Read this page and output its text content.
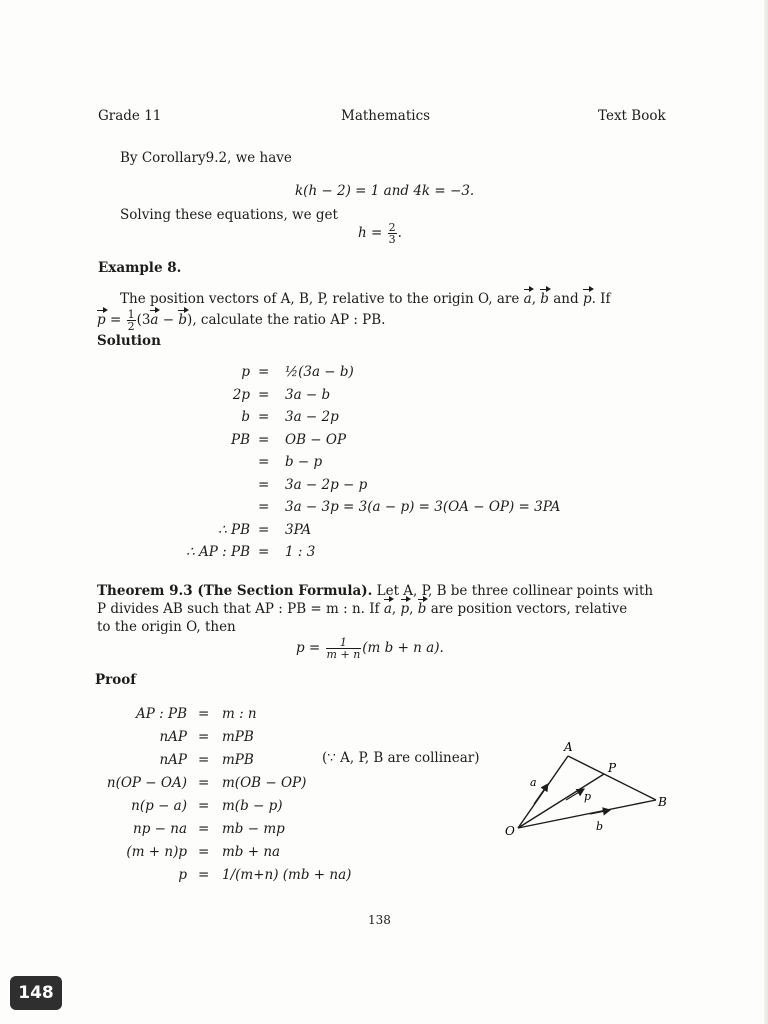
Grade 11	Mathematics	Text Book
By Corollary9.2, we have
k(h − 2) = 1 and 4k = −3.
Solving these equations, we get
$h = \frac{2}{3}$ .
Example 8.
The position vectors of A, B, P, relative to the origin O, are a, b and p. If
$p = \frac{1}{2} (3a - b)$, calculate the ratio AP : PB.
Solution
p = ½(3a − b)
2p = 3a − b
b = 3a − 2p
PB = OB − OP
= b − p
= 3a − 2p − p
= 3a − 3p = 3(a − p) = 3(OA − OP) = 3PA
∴ PB = 3PA
∴ AP : PB = 1 : 3
Theorem 9.3 (The Section Formula). Let A, P, B be three collinear points with
P divides AB such that AP : PB = m : n. If a, p, b are position vectors, relative
to the origin O, then
$p = \frac{1}{m + n} (m$ b + n a).
Proof
AP : PB = m : n
nAP = mPB
nAP = mPB
n(OP − OA) = m(OB − OP)
n(p − a) = m(b − p)
np − na = mb − mp
(m + n)p = mb + na
p = 1/(m+n) (mb + na)
(∵ A, P, B are collinear)
A
P
B
O
a
p
b
138
148
